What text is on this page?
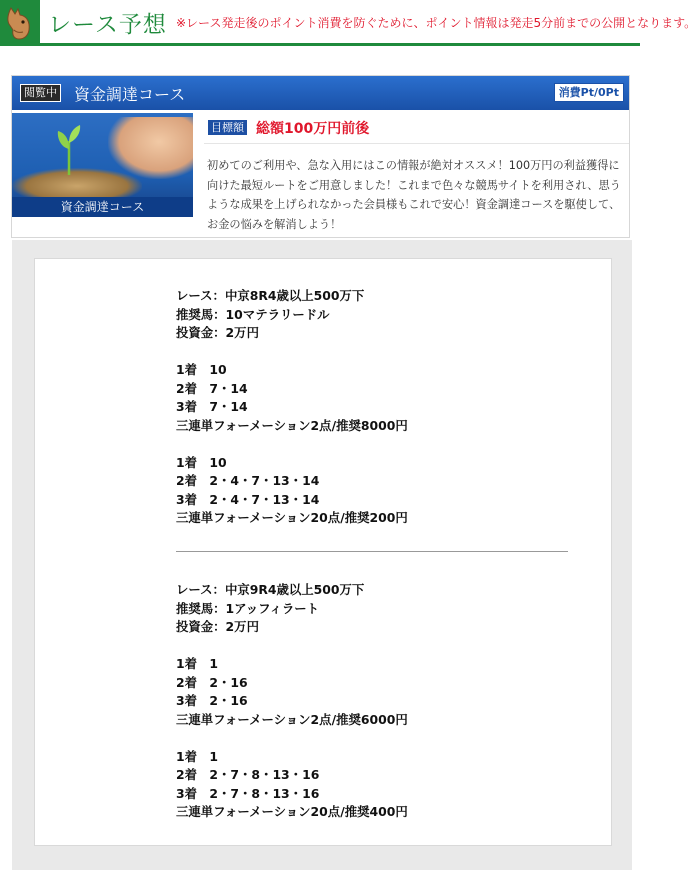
レース予想 ※レース発走後のポイント消費を防ぐために、ポイント情報は発走5分前までの公開となります。
閲覧中 資金調達コース	消費Pt/0Pt
資金調達コース
目標額 総額100万円前後
初めてのご利用や、急な入用にはこの情報が絶対オススメ！100万円の利益獲得に向けた最短ルートをご用意しました！これまで色々な競馬サイトを利用され、思うような成果を上げられなかった会員様もこれで安心！資金調達コースを駆使して、お金の悩みを解消しよう！
レース：中京8R4歳以上500万下
推奨馬：10マテラリードル
投資金：2万円
1着　10
2着　7・14
3着　7・14
三連単フォーメーション2点/推奨8000円
1着　10
2着　2・4・7・13・14
3着　2・4・7・13・14
三連単フォーメーション20点/推奨200円
レース：中京9R4歳以上500万下
推奨馬：1アッフィラート
投資金：2万円
1着　1
2着　2・16
3着　2・16
三連単フォーメーション2点/推奨6000円
1着　1
2着　2・7・8・13・16
3着　2・7・8・13・16
三連単フォーメーション20点/推奨400円
